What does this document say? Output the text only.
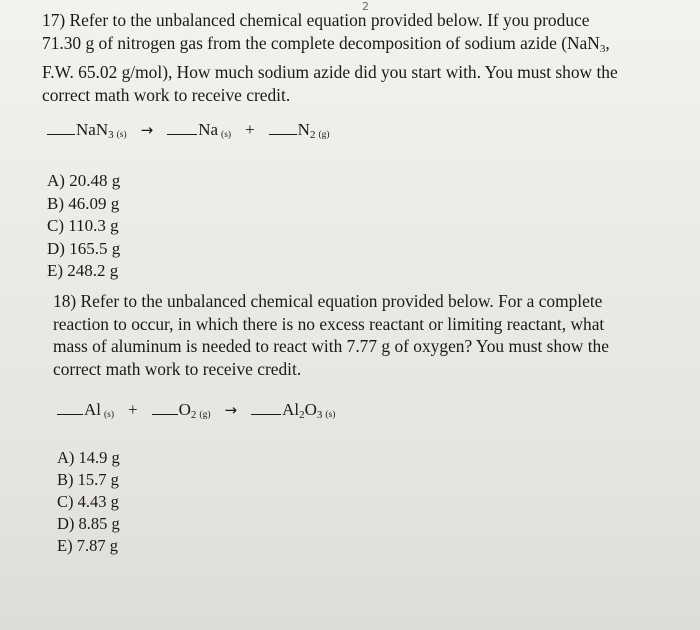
2

17) Refer to the unbalanced chemical equation provided below. If you produce
71.30 g of nitrogen gas from the complete decomposition of sodium azide (NaN$_3$,
F.W. 65.02 g/mol), How much sodium azide did you start with. You must show the
correct math work to receive credit.

NaN$_3$ (s) →	Na (s) +	$N_2$ (g)
A) 20.48 g
B) 46.09 g
C) 110.3 g
D) 165.5 g
E) 248.2 g

18) Refer to the unbalanced chemical equation provided below. For a complete
reaction to occur, in which there is no excess reactant or limiting reactant, what
mass of aluminum is needed to react with 7.77 g of oxygen? You must show the
correct math work to receive credit.

Al $(s) + O_2$ (g) →	$Al_2O_3$ (s)
A) 14.9 g
B) 15.7 g
C) 4.43 g
D) 8.85 g
E) 7.87 g
